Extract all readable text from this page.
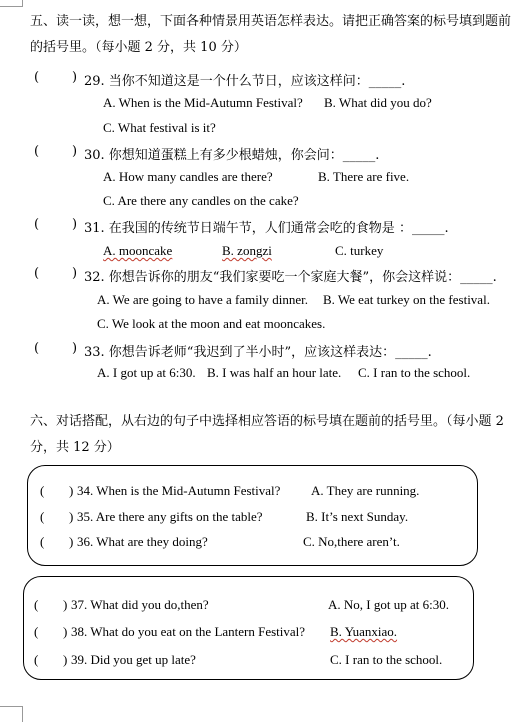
五、读一读，想一想，下面各种情景用英语怎样表达。请把正确答案的标号填到题前
的括号里。（每小题 2 分，共 10 分）
(	) 29. 当你不知道这是一个什么节日，应该这样问：_____.
A. When is the Mid-Autumn Festival? B. What did you do?
C. What festival is it?
(	) 30. 你想知道蛋糕上有多少根蜡烛，你会问：_____.
A. How many candles are there?	B. There are five.
C. Are there any candles on the cake?
(	) 31. 在我国的传统节日端午节，人们通常会吃的食物是 ：_____.
A. mooncake	B. zongzi	C. turkey
(	) 32. 你想告诉你的朋友“我们家要吃一个家庭大餐”，你会这样说：_____.
A. We are going to have a family dinner. B. We eat turkey on the festival.
C. We look at the moon and eat mooncakes.
(	) 33. 你想告诉老师“我迟到了半小时”，应该这样表达：_____.
A. I got up at 6:30. B. I was half an hour late. C. I ran to the school.
六、对话搭配，从右边的句子中选择相应答语的标号填在题前的括号里。（每小题 2
分，共 12 分）
( ) 34. When is the Mid-Autumn Festival? A. They are running.
( ) 35. Are there any gifts on the table?	B. It’s next Sunday.
( ) 36. What are they doing?	C. No,there aren’t.
( ) 37. What did you do,then?	A. No, I got up at 6:30.
( ) 38. What do you eat on the Lantern Festival? B. Yuanxiao.
( ) 39. Did you get up late?	C. I ran to the school.
